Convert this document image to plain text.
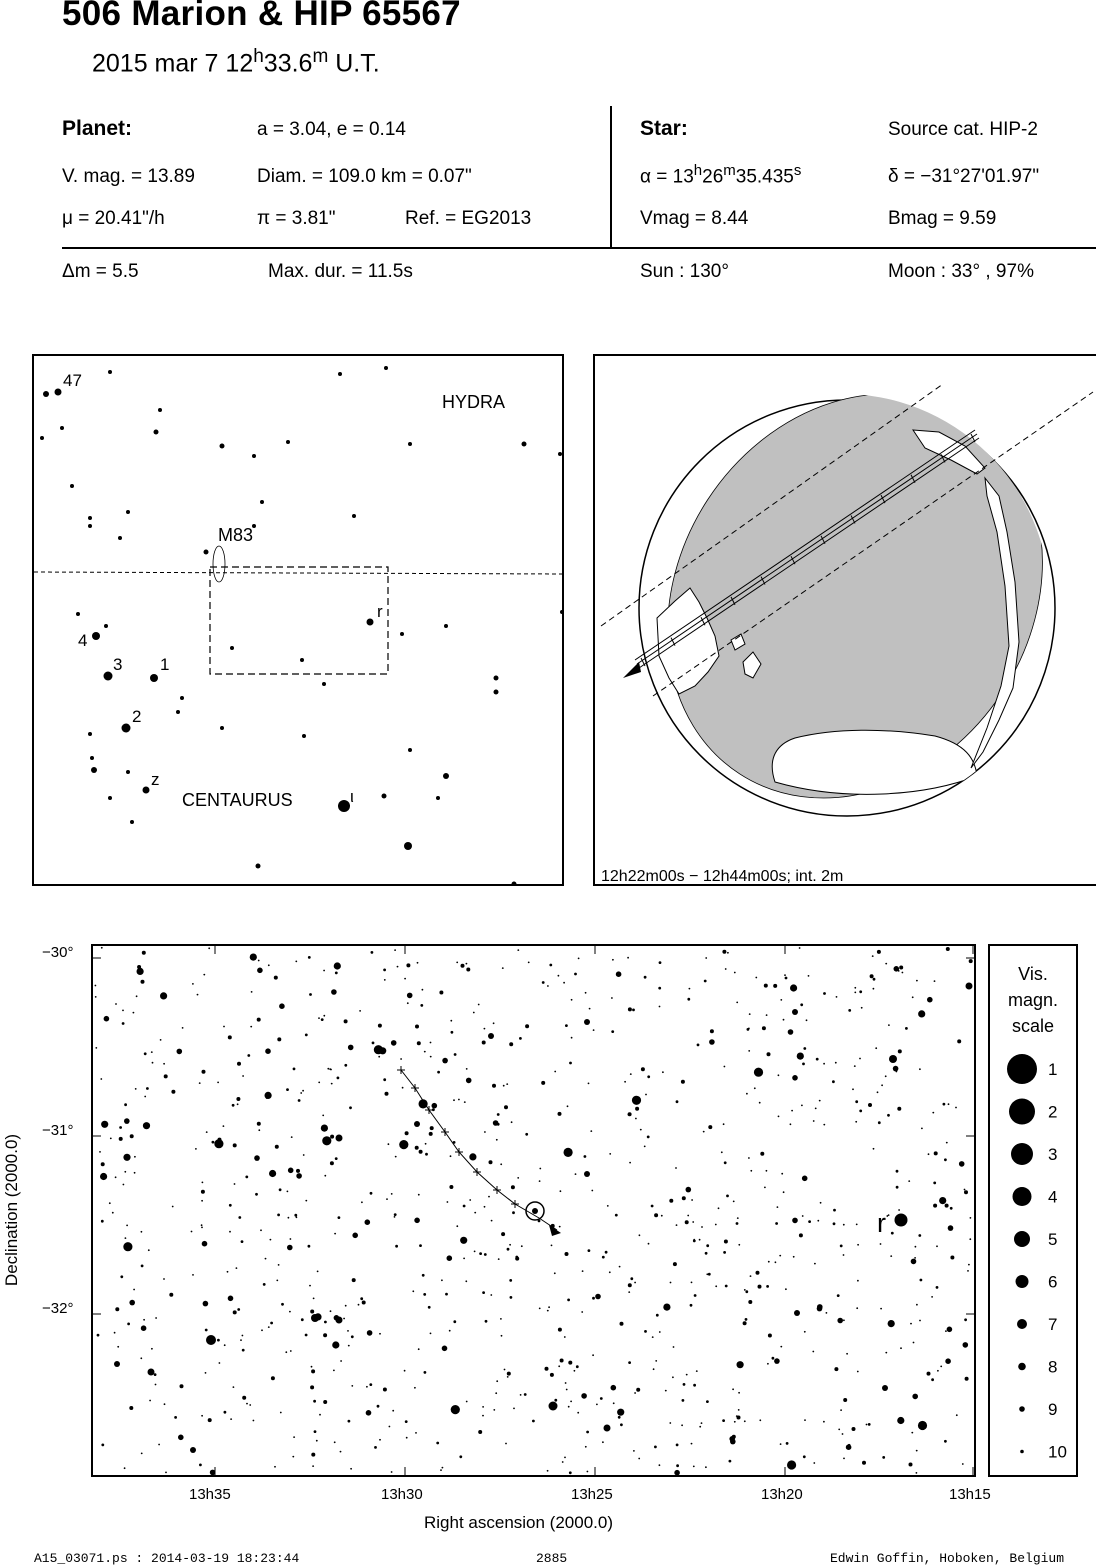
506 Marion & HIP 65567
2015 mar 7 12$^h$33.6$^m$ U.T.
Planet:	a = 3.04, e = 0.14
V. mag. = 13.89	Diam. = 109.0 km = 0.07"
μ = 20.41"/h	π = 3.81"	Ref. = EG2013
Star:	Source cat. HIP-2
$\alpha = 13^h26^m35.435^s$	δ = −31°27'01.97"
Vmag = 8.44	Bmag = 9.59
Δm = 5.5	Max. dur. = 11.5s	Sun : 130°	Moon : 33° , 97%
HYDRA
CENTAURUS
M83
47
4
3 1
2
z
r
ι
12h22m00s − 12h44m00s; int. 2m
r
−30°
−31°
−32°
Declination (2000.0)
13h35	13h30	13h25	13h20	13h15
Right ascension (2000.0)
Vis.
magn.
scale
1
2
3
4
5
6
7
8
9
10
A15_03071.ps : 2014-03-19 18:23:44	2885	Edwin Goffin, Hoboken, Belgium
